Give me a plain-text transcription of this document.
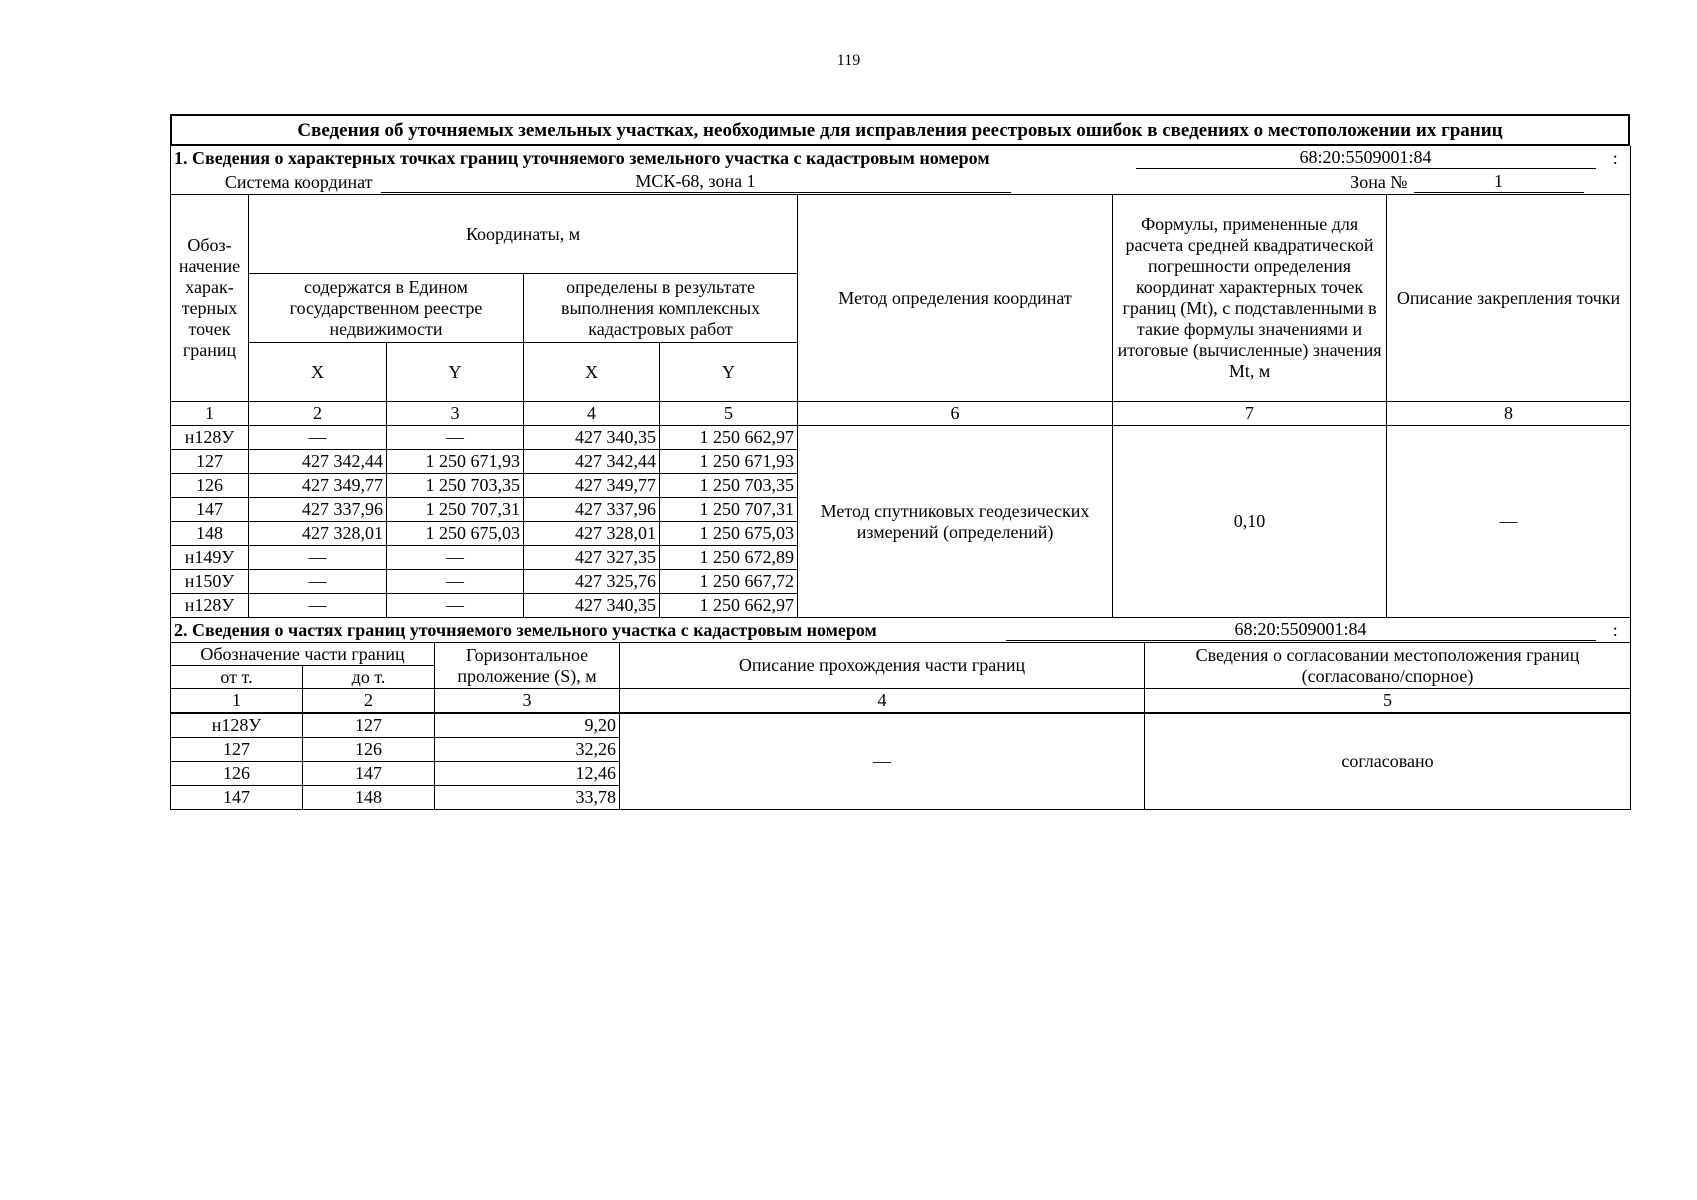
119
Сведения об уточняемых земельных участках, необходимые для исправления реестровых ошибок в сведениях о местоположении их границ
1. Сведения о характерных точках границ уточняемого земельного участка с кадастровым номером	68:20:5509001:84	:
Система координат	МСК-68, зона 1	Зона №	1
Обоз-начение харак-терных точек границ	Координаты, м				Метод определения координат	Формулы, примененные для расчета средней квадратической погрешности определения координат характерных точек границ (Mt), с подставленными в такие формулы значениями и итоговые (вычисленные) значения Mt, м	Описание закрепления точки
	содержатся в Едином государственном реестре недвижимости		определены в результате выполнения комплексных кадастровых работ				
	X	Y	X	Y			
1	2	3	4	5	6	7	8
н128У	—	—	427 340,35	1 250 662,97	Метод спутниковых геодезических измерений (определений)	0,10	—
127	427 342,44	1 250 671,93	427 342,44	1 250 671,93			
126	427 349,77	1 250 703,35	427 349,77	1 250 703,35			
147	427 337,96	1 250 707,31	427 337,96	1 250 707,31			
148	427 328,01	1 250 675,03	427 328,01	1 250 675,03			
н149У	—	—	427 327,35	1 250 672,89			
н150У	—	—	427 325,76	1 250 667,72			
н128У	—	—	427 340,35	1 250 662,97			
2. Сведения о частях границ уточняемого земельного участка с кадастровым номером	68:20:5509001:84	:
Обозначение части границ		Горизонтальное проложение (S), м	Описание прохождения части границ	Сведения о согласовании местоположения границ (согласовано/спорное)
от т.	до т.			
1	2	3	4	5
н128У	127	9,20	—	согласовано
127	126	32,26		
126	147	12,46		
147	148	33,78		
